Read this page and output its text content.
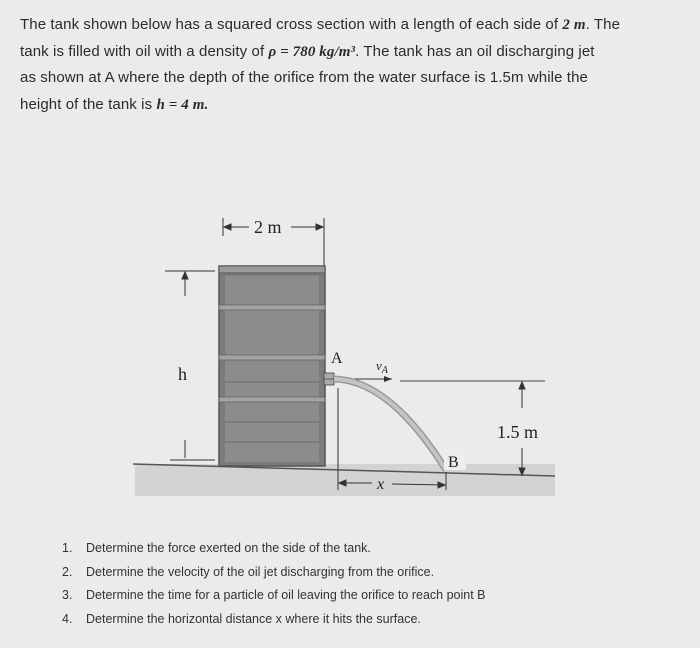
The tank shown below has a squared cross section with a length of each side of 2 m. The
tank is filled with oil with a density of ρ = 780 kg/m³. The tank has an oil discharging jet
as shown at A where the depth of the orifice from the water surface is 1.5m while the
height of the tank is h = 4 m.
2 m
h
A	$v_A$
1.5 m
B
x
1. Determine the force exerted on the side of the tank.
2. Determine the velocity of the oil jet discharging from the orifice.
3. Determine the time for a particle of oil leaving the orifice to reach point B
4. Determine the horizontal distance x where it hits the surface.
